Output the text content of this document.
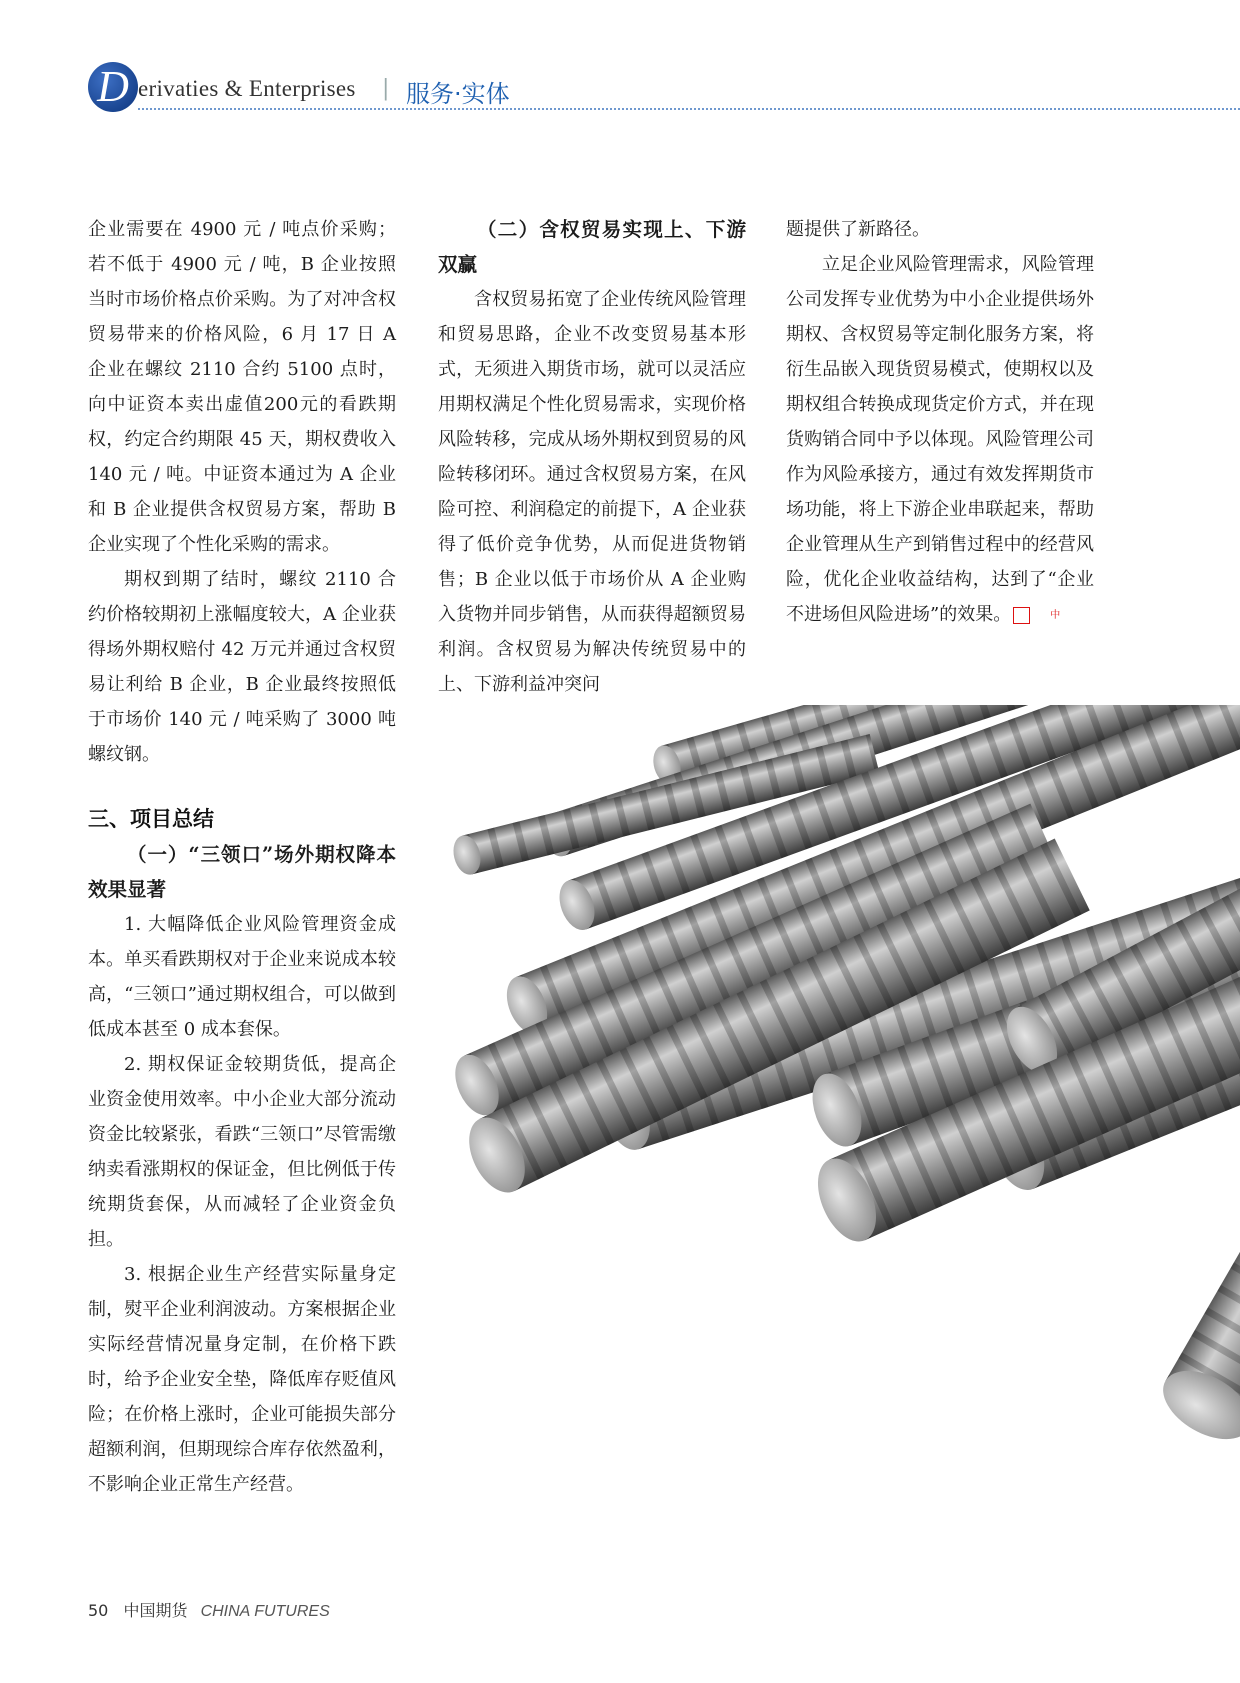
D erivaties & Enterprises | 服务·实体

企业需要在 4900 元 / 吨点价采购；若不低于 4900 元 / 吨，B 企业按照当时市场价格点价采购。为了对冲含权贸易带来的价格风险，6 月 17 日 A 企业在螺纹 2110 合约 5100 点时，向中证资本卖出虚值200元的看跌期权，约定合约期限 45 天，期权费收入 140 元 / 吨。中证资本通过为 A 企业和 B 企业提供含权贸易方案，帮助 B 企业实现了个性化采购的需求。

期权到期了结时，螺纹 2110 合约价格较期初上涨幅度较大，A 企业获得场外期权赔付 42 万元并通过含权贸易让利给 B 企业，B 企业最终按照低于市场价 140 元 / 吨采购了 3000 吨螺纹钢。

三、项目总结

（一）“三领口”场外期权降本效果显著

1. 大幅降低企业风险管理资金成本。单买看跌期权对于企业来说成本较高，“三领口”通过期权组合，可以做到低成本甚至 0 成本套保。

2. 期权保证金较期货低，提高企业资金使用效率。中小企业大部分流动资金比较紧张，看跌“三领口”尽管需缴纳卖看涨期权的保证金，但比例低于传统期货套保，从而减轻了企业资金负担。

3. 根据企业生产经营实际量身定制，熨平企业利润波动。方案根据企业实际经营情况量身定制，在价格下跌时，给予企业安全垫，降低库存贬值风险；在价格上涨时，企业可能损失部分超额利润，但期现综合库存依然盈利，不影响企业正常生产经营。

（二）含权贸易实现上、下游双赢

含权贸易拓宽了企业传统风险管理和贸易思路，企业不改变贸易基本形式，无须进入期货市场，就可以灵活应用期权满足个性化贸易需求，实现价格风险转移，完成从场外期权到贸易的风险转移闭环。通过含权贸易方案，在风险可控、利润稳定的前提下，A 企业获得了低价竞争优势，从而促进货物销售；B 企业以低于市场价从 A 企业购入货物并同步销售，从而获得超额贸易利润。含权贸易为解决传统贸易中的上、下游利益冲突问

题提供了新路径。

立足企业风险管理需求，风险管理公司发挥专业优势为中小企业提供场外期权、含权贸易等定制化服务方案，将衍生品嵌入现货贸易模式，使期权以及期权组合转换成现货定价方式，并在现货购销合同中予以体现。风险管理公司作为风险承接方，通过有效发挥期货市场功能，将上下游企业串联起来，帮助企业管理从生产到销售过程中的经营风险，优化企业收益结构，达到了“企业不进场但风险进场”的效果。	中

50 中国期货 CHINA FUTURES
